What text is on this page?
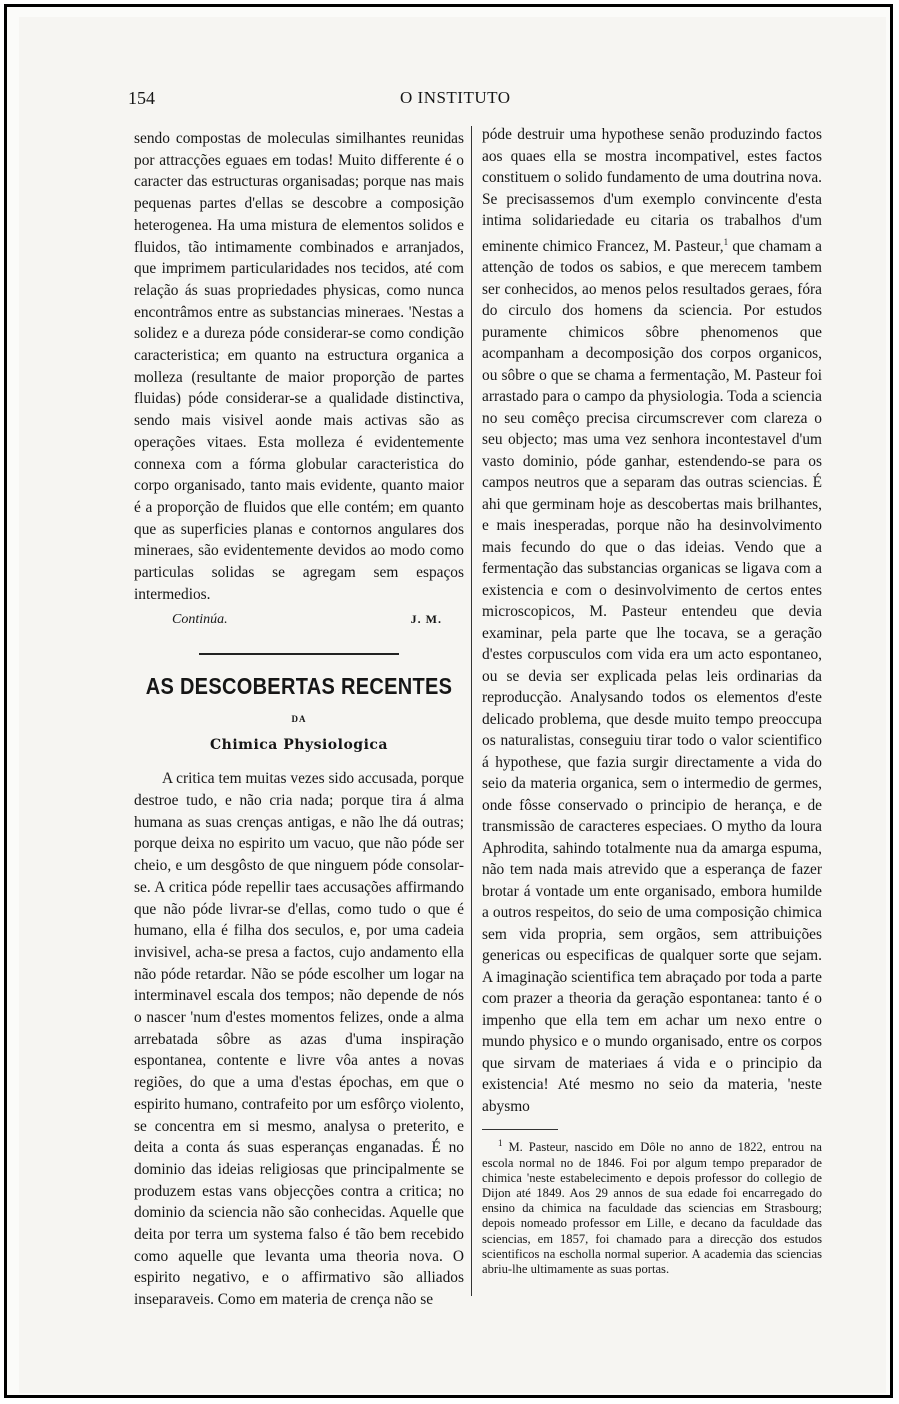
154	O INSTITUTO

sendo compostas de moleculas similhantes reunidas por attracções eguaes em todas! Muito differente é o caracter das estructuras organisadas; porque nas mais pequenas partes d'ellas se descobre a composição heterogenea. Ha uma mistura de elementos solidos e fluidos, tão intimamente combinados e arranjados, que imprimem particularidades nos tecidos, até com relação ás suas propriedades physicas, como nunca encontrâmos entre as substancias mineraes. 'Nestas a solidez e a dureza póde considerar-se como condição caracteristica; em quanto na estructura organica a molleza (resultante de maior proporção de partes fluidas) póde considerar-se a qualidade distinctiva, sendo mais visivel aonde mais activas são as operações vitaes. Esta molleza é evidentemente connexa com a fórma globular caracteristica do corpo organisado, tanto mais evidente, quanto maior é a proporção de fluidos que elle contém; em quanto que as superficies planas e contornos angulares dos mineraes, são evidentemente devidos ao modo como particulas solidas se agregam sem espaços intermedios.

Continúa.	J. M.
AS DESCOBERTAS RECENTES
DA
Chimica Physiologica

A critica tem muitas vezes sido accusada, porque destroe tudo, e não cria nada; porque tira á alma humana as suas crenças antigas, e não lhe dá outras; porque deixa no espirito um vacuo, que não póde ser cheio, e um desgôsto de que ninguem póde consolar-se. A critica póde repellir taes accusações affirmando que não póde livrar-se d'ellas, como tudo o que é humano, ella é filha dos seculos, e, por uma cadeia invisivel, acha-se presa a factos, cujo andamento ella não póde retardar. Não se póde escolher um logar na interminavel escala dos tempos; não depende de nós o nascer 'num d'estes momentos felizes, onde a alma arrebatada sôbre as azas d'uma inspiração espontanea, contente e livre vôa antes a novas regiões, do que a uma d'estas épochas, em que o espirito humano, contrafeito por um esfôrço violento, se concentra em si mesmo, analysa o preterito, e deita a conta ás suas esperanças enganadas. É no dominio das ideias religiosas que principalmente se produzem estas vans objecções contra a critica; no dominio da sciencia não são conhecidas. Aquelle que deita por terra um systema falso é tão bem recebido como aquelle que levanta uma theoria nova. O espirito negativo, e o affirmativo são alliados inseparaveis. Como em materia de crença não se

póde destruir uma hypothese senão produzindo factos aos quaes ella se mostra incompativel, estes factos constituem o solido fundamento de uma doutrina nova. Se precisassemos d'um exemplo convincente d'esta intima solidariedade eu citaria os trabalhos d'um eminente chimico Francez, M. Pasteur,$^1$ que chamam a attenção de todos os sabios, e que merecem tambem ser conhecidos, ao menos pelos resultados geraes, fóra do circulo dos homens da sciencia. Por estudos puramente chimicos sôbre phenomenos que acompanham a decomposição dos corpos organicos, ou sôbre o que se chama a fermentação, M. Pasteur foi arrastado para o campo da physiologia. Toda a sciencia no seu comêço precisa circumscrever com clareza o seu objecto; mas uma vez senhora incontestavel d'um vasto dominio, póde ganhar, estendendo-se para os campos neutros que a separam das outras sciencias. É ahi que germinam hoje as descobertas mais brilhantes, e mais inesperadas, porque não ha desinvolvimento mais fecundo do que o das ideias. Vendo que a fermentação das substancias organicas se ligava com a existencia e com o desinvolvimento de certos entes microscopicos, M. Pasteur entendeu que devia examinar, pela parte que lhe tocava, se a geração d'estes corpusculos com vida era um acto espontaneo, ou se devia ser explicada pelas leis ordinarias da reproducção. Analysando todos os elementos d'este delicado problema, que desde muito tempo preoccupa os naturalistas, conseguiu tirar todo o valor scientifico á hypothese, que fazia surgir directamente a vida do seio da materia organica, sem o intermedio de germes, onde fôsse conservado o principio de herança, e de transmissão de caracteres especiaes. O mytho da loura Aphrodita, sahindo totalmente nua da amarga espuma, não tem nada mais atrevido que a esperança de fazer brotar á vontade um ente organisado, embora humilde a outros respeitos, do seio de uma composição chimica sem vida propria, sem orgãos, sem attribuições genericas ou especificas de qualquer sorte que sejam. A imaginação scientifica tem abraçado por toda a parte com prazer a theoria da geração espontanea: tanto é o impenho que ella tem em achar um nexo entre o mundo physico e o mundo organisado, entre os corpos que sirvam de materiaes á vida e o principio da existencia! Até mesmo no seio da materia, 'neste abysmo

$^1$ M. Pasteur, nascido em Dôle no anno de 1822, entrou na escola normal no de 1846. Foi por algum tempo preparador de chimica 'neste estabelecimento e depois professor do collegio de Dijon até 1849. Aos 29 annos de sua edade foi encarregado do ensino da chimica na faculdade das sciencias em Strasbourg; depois nomeado professor em Lille, e decano da faculdade das sciencias, em 1857, foi chamado para a direcção dos estudos scientificos na escholla normal superior. A academia das sciencias abriu-lhe ultimamente as suas portas.
